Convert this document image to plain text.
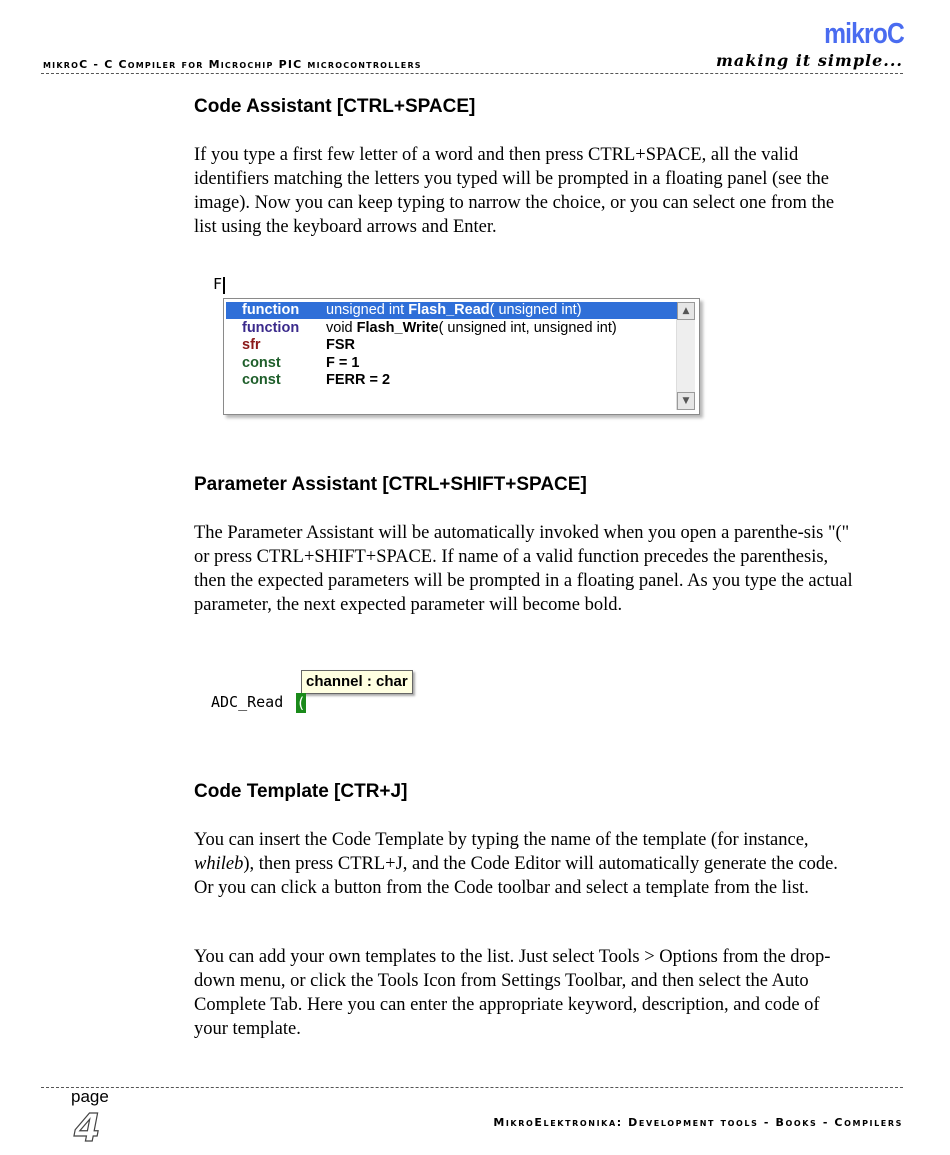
mikroC - C Compiler for Microchip PIC microcontrollers
mikroC
making it simple...
Code Assistant [CTRL+SPACE]
If you type a first few letter of a word and then press CTRL+SPACE, all the valid identifiers matching the letters you typed will be prompted in a floating panel (see the image). Now you can keep typing to narrow the choice, or you can select one from the list using the keyboard arrows and Enter.
F
▲
▼
function unsigned int Flash_Read( unsigned int)
function void Flash_Write( unsigned int, unsigned int)
sfr	FSR
const	F = 1
const	FERR = 2
Parameter Assistant [CTRL+SHIFT+SPACE]
The Parameter Assistant will be automatically invoked when you open a parenthe-sis "(" or press CTRL+SHIFT+SPACE. If name of a valid function precedes the parenthesis, then the expected parameters will be prompted in a floating panel. As you type the actual parameter, the next expected parameter will become bold.
channel : char
ADC_Read (
Code Template [CTR+J]
You can insert the Code Template by typing the name of the template (for instance, whileb), then press CTRL+J, and the Code Editor will automatically generate the code. Or you can click a button from the Code toolbar and select a template from the list.
You can add your own templates to the list. Just select Tools > Options from the drop-down menu, or click the Tools Icon from Settings Toolbar, and then select the Auto Complete Tab. Here you can enter the appropriate keyword, description, and code of your template.
page
4	MikroElektronika: Development tools - Books - Compilers
